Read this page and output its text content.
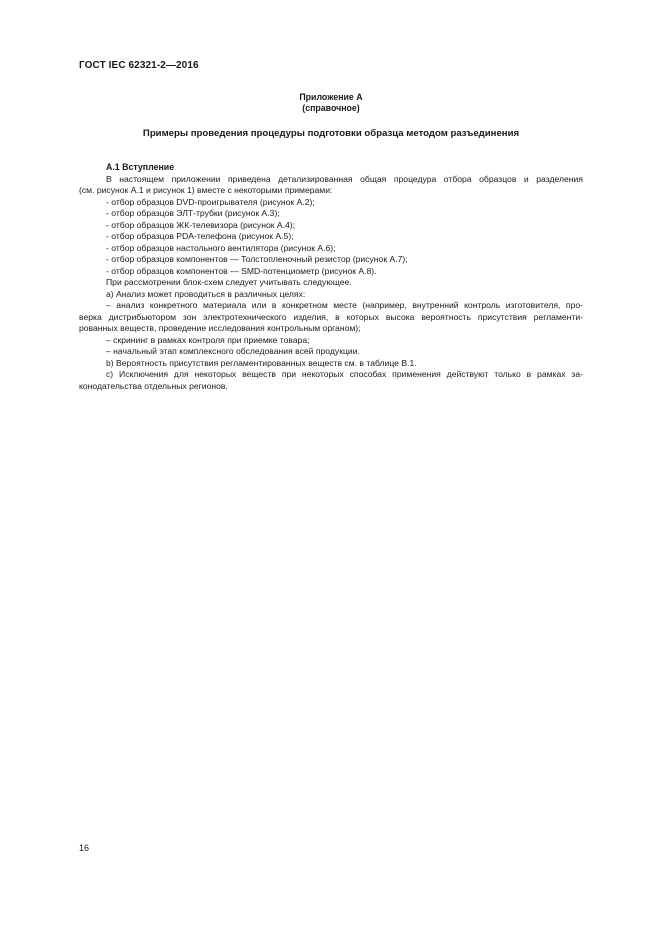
ГОСТ IEC 62321-2—2016
Приложение А
(справочное)
Примеры проведения процедуры подготовки образца методом разъединения
А.1 Вступление

В настоящем приложении приведена детализированная общая процедура отбора образцов и разделения

(см. рисунок А.1 и рисунок 1) вместе с некоторыми примерами:

- отбор образцов DVD-проигрывателя (рисунок А.2);

- отбор образцов ЭЛТ-трубки (рисунок А.3);

- отбор образцов ЖК-телевизора (рисунок А.4);

- отбор образцов PDA-телефона (рисунок А.5);

- отбор образцов настольного вентилятора (рисунок А.6);

- отбор образцов компонентов — Толстопленочный резистор (рисунок А.7);

- отбор образцов компонентов — SMD-потенциометр (рисунок А.8).

При рассмотрении блок-схем следует учитывать следующее.

а) Анализ может проводиться в различных целях:

– анализ конкретного материала или в конкретном месте (например, внутренний контроль изготовителя, про-

верка дистрибьютором зон электротехнического изделия, в которых высока вероятность присутствия регламенти-

рованных веществ, проведение исследования контрольным органом);

– скрининг в рамках контроля при приемке товара;

– начальный этап комплексного обследования всей продукции.

b) Вероятность присутствия регламентированных веществ см. в таблице В.1.

с) Исключения для некоторых веществ при некоторых способах применения действуют только в рамках за-

конодательства отдельных регионов.

16
